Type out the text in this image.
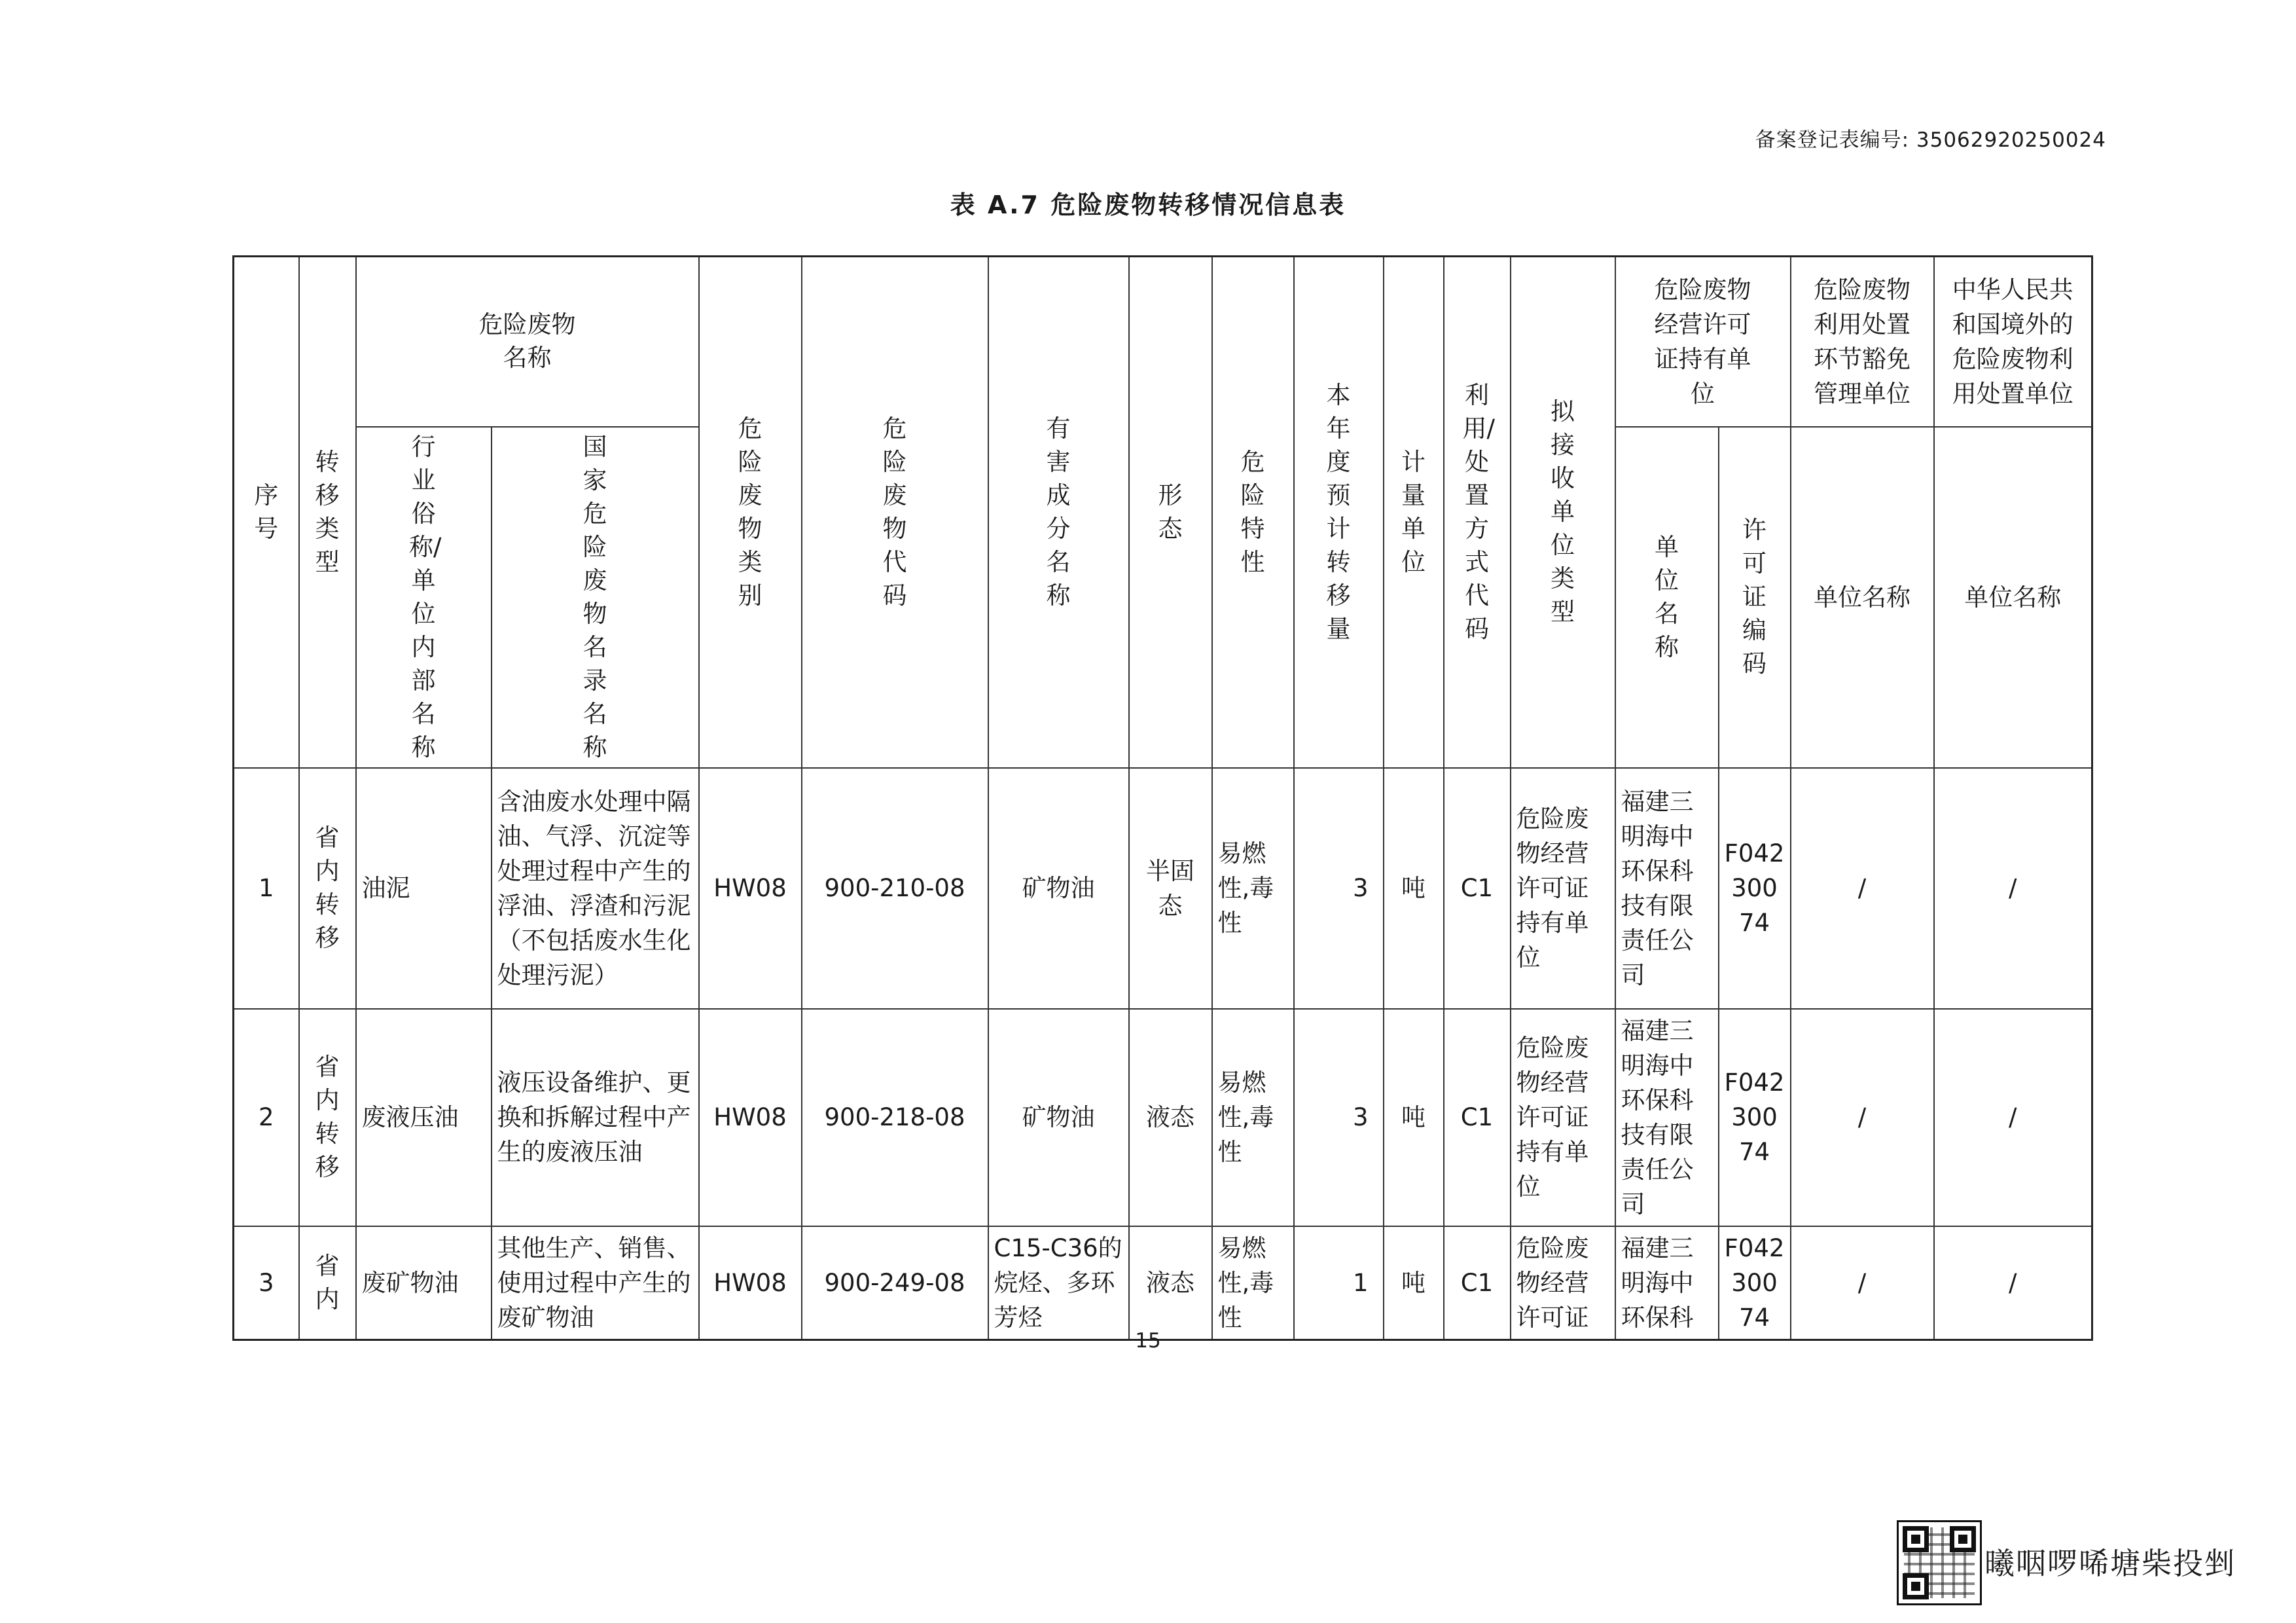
备案登记表编号: 35062920250024
表 A.7 危险废物转移情况信息表
序号	转移类型	危险废物名称		危险废物类别	危险废物代码	有害成分名称	形态	危险特性	本年度预计转移量	计量单位	利用/处置方式代码	拟接收单位类型	危险废物经营许可证持有单位		危险废物利用处置环节豁免管理单位	中华人民共和国境外的危险废物利用处置单位
		行业俗称/单位内部名称	国家危险废物名录名称										单位名称	许可证编码	单位名称	单位名称
1	省内转移	油泥	含油废水处理中隔油、气浮、沉淀等处理过程中产生的浮油、浮渣和污泥（不包括废水生化处理污泥）	HW08	900-210-08	矿物油	半固态	易燃性,毒性	3	吨	C1	危险废物经营许可证持有单位	福建三明海中环保科技有限责任公司	F04230074	/	/
2	省内转移	废液压油	液压设备维护、更换和拆解过程中产生的废液压油	HW08	900-218-08	矿物油	液态	易燃性,毒性	3	吨	C1	危险废物经营许可证持有单位	福建三明海中环保科技有限责任公司	F04230074	/	/
3	省内	废矿物油	其他生产、销售、使用过程中产生的废矿物油	HW08	900-249-08	C15-C36的烷烃、多环芳烃	液态	易燃性,毒性	1	吨	C1	危险废物经营许可证	福建三明海中环保科	F04230074	/	/
15
曦咽啰唏塘柴投剉
